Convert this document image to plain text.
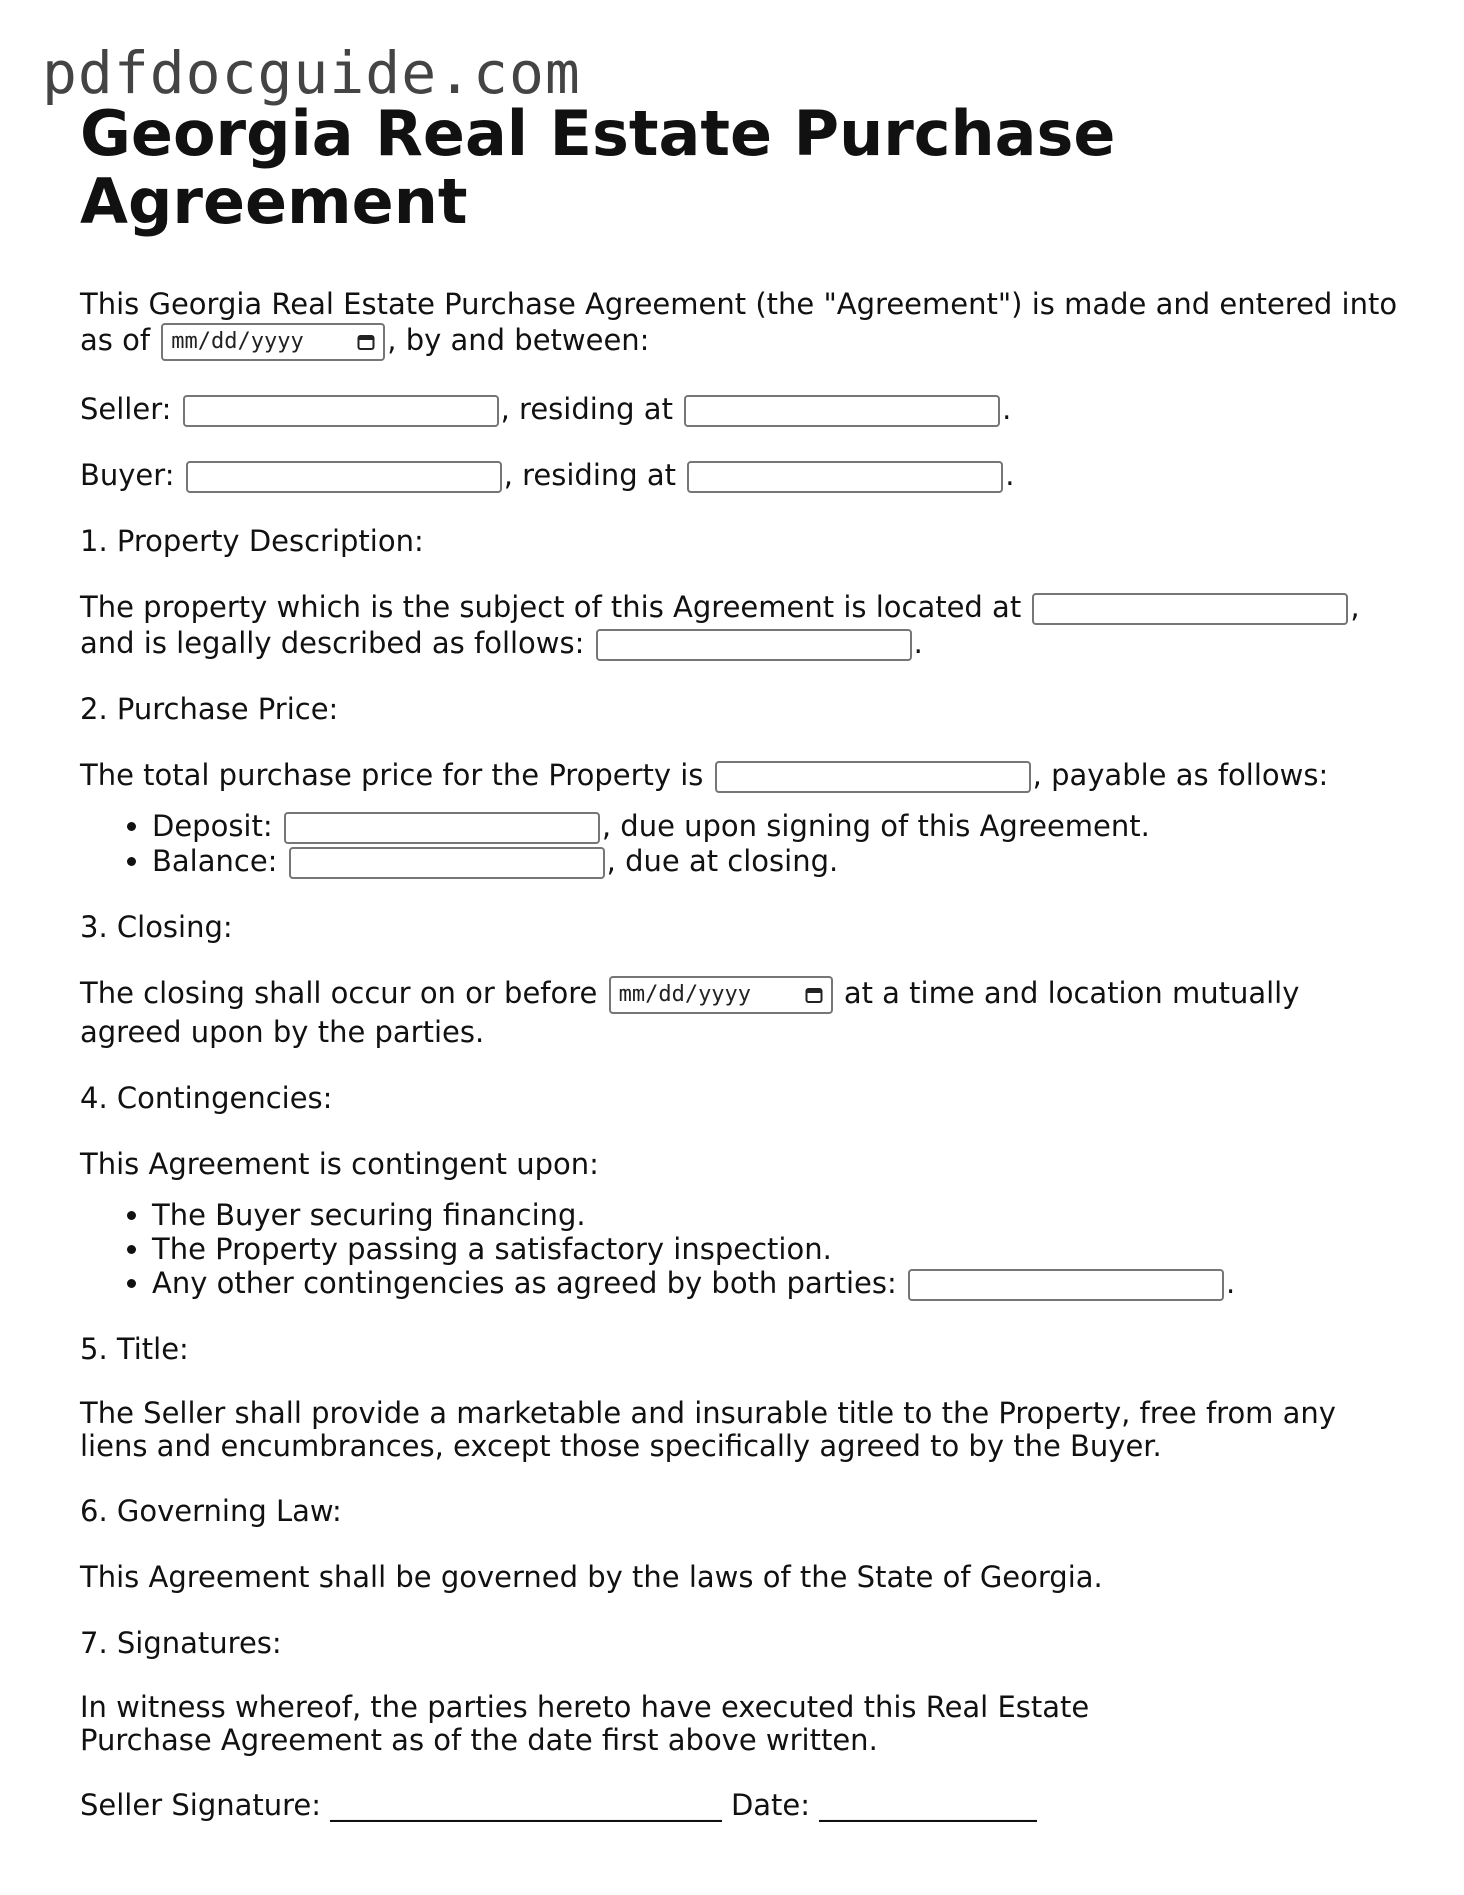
pdfdocguide.com
Georgia Real Estate Purchase Agreement

This Georgia Real Estate Purchase Agreement (the "Agreement") is made and entered into as of mm/dd/yyyy	, by and between:

Seller:	, residing at	.

Buyer:	, residing at	.

1. Property Description:

The property which is the subject of this Agreement is located at	,
and is legally described as follows:	.

2. Purchase Price:

The total purchase price for the Property is	, payable as follows:

• Deposit:	, due upon signing of this Agreement.
• Balance:	, due at closing.

3. Closing:

The closing shall occur on or before mm/dd/yyyy	at a time and location mutually agreed upon by the parties.

4. Contingencies:

This Agreement is contingent upon:

• The Buyer securing financing.
• The Property passing a satisfactory inspection.
• Any other contingencies as agreed by both parties:	.

5. Title:

The Seller shall provide a marketable and insurable title to the Property, free from any liens and encumbrances, except those specifically agreed to by the Buyer.

6. Governing Law:

This Agreement shall be governed by the laws of the State of Georgia.

7. Signatures:

In witness whereof, the parties hereto have executed this Real Estate Purchase Agreement as of the date first above written.

Seller Signature: ___________________________ Date: _______________
